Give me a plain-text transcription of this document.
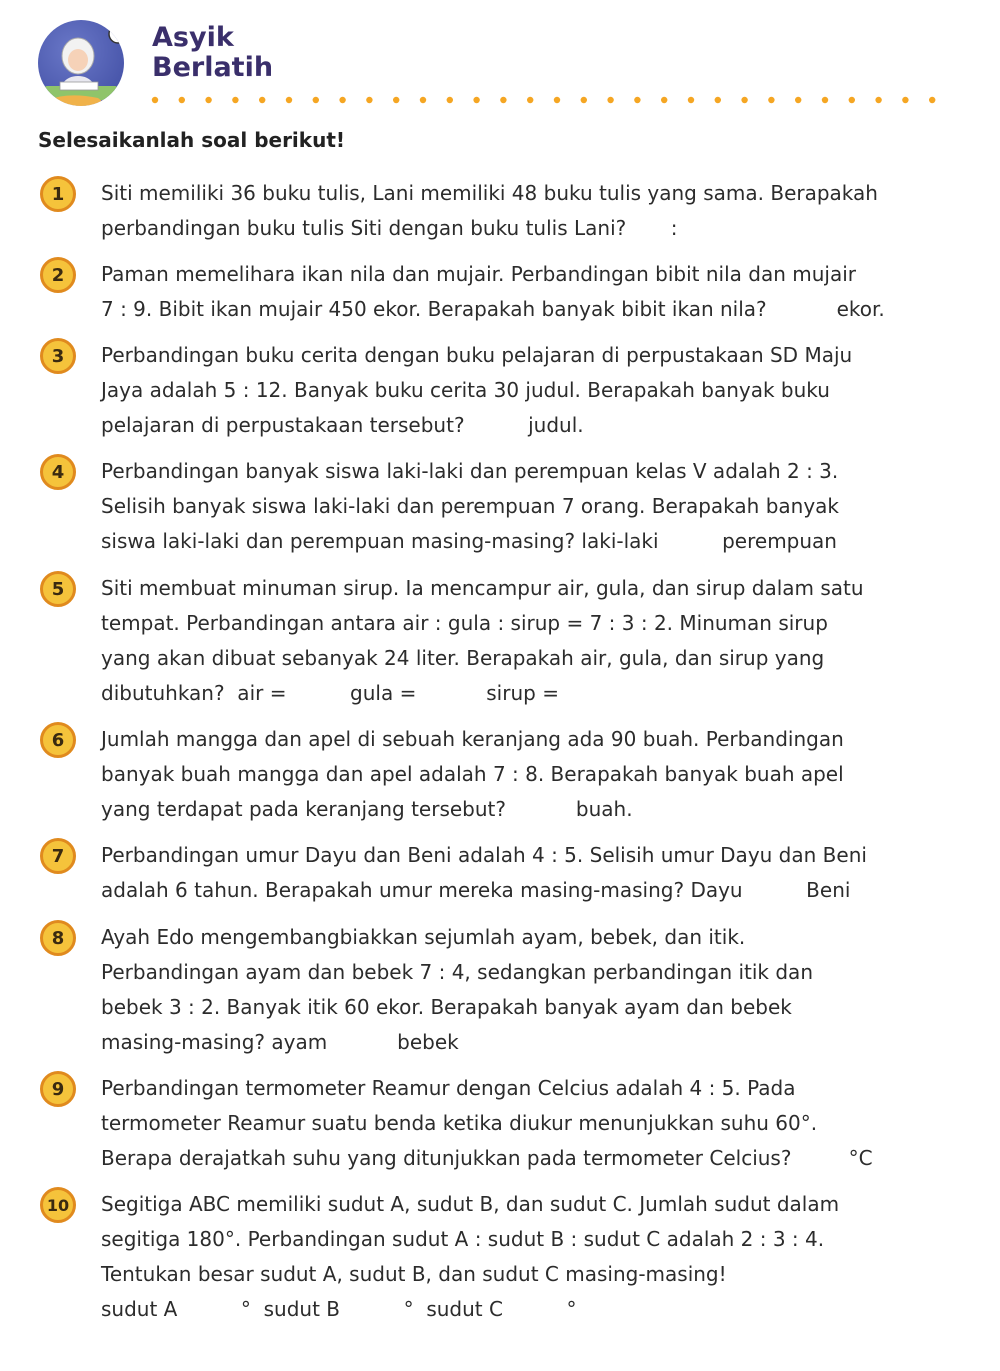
Asyik
Berlatih
Selesaikanlah soal berikut!
1	Siti memiliki 36 buku tulis, Lani memiliki 48 buku tulis yang sama. Berapakah
perbandingan buku tulis Siti dengan buku tulis Lani?       :
2	Paman memelihara ikan nila dan mujair. Perbandingan bibit nila dan mujair
7 : 9. Bibit ikan mujair 450 ekor. Berapakah banyak bibit ikan nila?           ekor.
3	Perbandingan buku cerita dengan buku pelajaran di perpustakaan SD Maju
Jaya adalah 5 : 12. Banyak buku cerita 30 judul. Berapakah banyak buku
pelajaran di perpustakaan tersebut?          judul.
4	Perbandingan banyak siswa laki-laki dan perempuan kelas V adalah 2 : 3.
Selisih banyak siswa laki-laki dan perempuan 7 orang. Berapakah banyak
siswa laki-laki dan perempuan masing-masing? laki-laki          perempuan
5	Siti membuat minuman sirup. Ia mencampur air, gula, dan sirup dalam satu
tempat. Perbandingan antara air : gula : sirup = 7 : 3 : 2. Minuman sirup
yang akan dibuat sebanyak 24 liter. Berapakah air, gula, dan sirup yang
dibutuhkan?  air =          gula =           sirup =
6	Jumlah mangga dan apel di sebuah keranjang ada 90 buah. Perbandingan
banyak buah mangga dan apel adalah 7 : 8. Berapakah banyak buah apel
yang terdapat pada keranjang tersebut?           buah.
7	Perbandingan umur Dayu dan Beni adalah 4 : 5. Selisih umur Dayu dan Beni
adalah 6 tahun. Berapakah umur mereka masing-masing? Dayu          Beni
8	Ayah Edo mengembangbiakkan sejumlah ayam, bebek, dan itik.
Perbandingan ayam dan bebek 7 : 4, sedangkan perbandingan itik dan
bebek 3 : 2. Banyak itik 60 ekor. Berapakah banyak ayam dan bebek
masing-masing? ayam           bebek
9	Perbandingan termometer Reamur dengan Celcius adalah 4 : 5. Pada
termometer Reamur suatu benda ketika diukur menunjukkan suhu 60°.
Berapa derajatkah suhu yang ditunjukkan pada termometer Celcius?         °C
10	Segitiga ABC memiliki sudut A, sudut B, dan sudut C. Jumlah sudut dalam
segitiga 180°. Perbandingan sudut A : sudut B : sudut C adalah 2 : 3 : 4.
Tentukan besar sudut A, sudut B, dan sudut C masing-masing!
sudut A          °  sudut B          °  sudut C          °
